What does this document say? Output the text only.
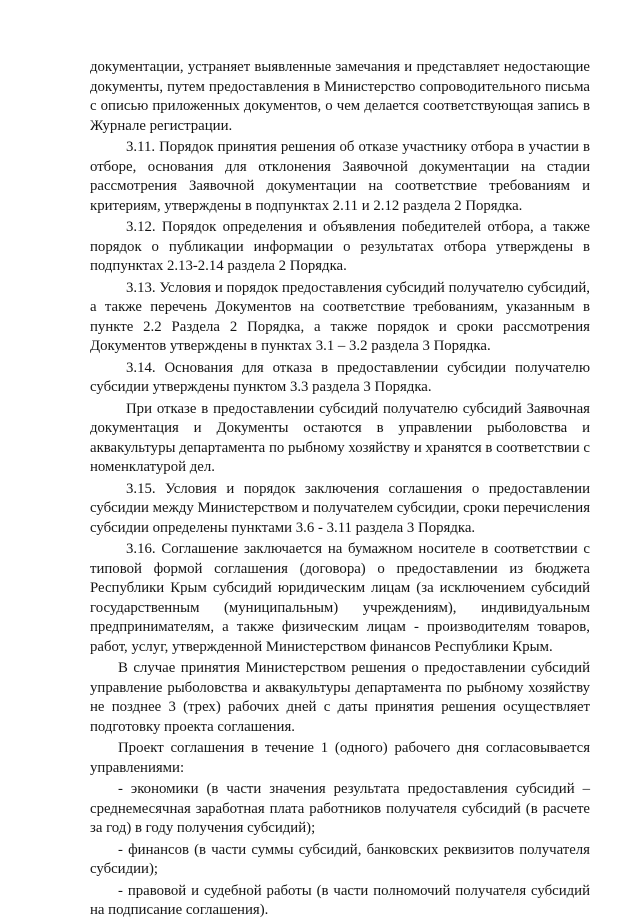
документации, устраняет выявленные замечания и представляет недостающие документы, путем предоставления в Министерство сопроводительного письма с описью приложенных документов, о чем делается соответствующая запись в Журнале регистрации.

3.11. Порядок принятия решения об отказе участнику отбора в участии в отборе, основания для отклонения Заявочной документации на стадии рассмотрения Заявочной документации на соответствие требованиям и критериям, утверждены в подпунктах 2.11 и 2.12 раздела 2 Порядка.

3.12. Порядок определения и объявления победителей отбора, а также порядок о публикации информации о результатах отбора утверждены в подпунктах 2.13-2.14 раздела 2 Порядка.

3.13. Условия и порядок предоставления субсидий получателю субсидий, а также перечень Документов на соответствие требованиям, указанным в пункте 2.2 Раздела 2 Порядка, а также порядок и сроки рассмотрения Документов утверждены в пунктах 3.1 – 3.2 раздела 3 Порядка.

3.14. Основания для отказа в предоставлении субсидии получателю субсидии утверждены пунктом 3.3 раздела 3 Порядка.

При отказе в предоставлении субсидий получателю субсидий Заявочная документация и Документы остаются в управлении рыболовства и аквакультуры департамента по рыбному хозяйству и хранятся в соответствии с номенклатурой дел.

3.15. Условия и порядок заключения соглашения о предоставлении субсидии между Министерством и получателем субсидии, сроки перечисления субсидии определены пунктами 3.6 - 3.11 раздела 3 Порядка.

3.16. Соглашение заключается на бумажном носителе в соответствии с типовой формой соглашения (договора) о предоставлении из бюджета Республики Крым субсидий юридическим лицам (за исключением субсидий государственным (муниципальным) учреждениям), индивидуальным предпринимателям, а также физическим лицам - производителям товаров, работ, услуг, утвержденной Министерством финансов Республики Крым.

В случае принятия Министерством решения о предоставлении субсидий управление рыболовства и аквакультуры департамента по рыбному хозяйству не позднее 3 (трех) рабочих дней с даты принятия решения осуществляет подготовку проекта соглашения.

Проект соглашения в течение 1 (одного) рабочего дня согласовывается управлениями:

- экономики (в части значения результата предоставления субсидий – среднемесячная заработная плата работников получателя субсидий (в расчете за год) в году получения субсидий);

- финансов (в части суммы субсидий, банковских реквизитов получателя субсидии);

- правовой и судебной работы (в части полномочий получателя субсидий на подписание соглашения).
